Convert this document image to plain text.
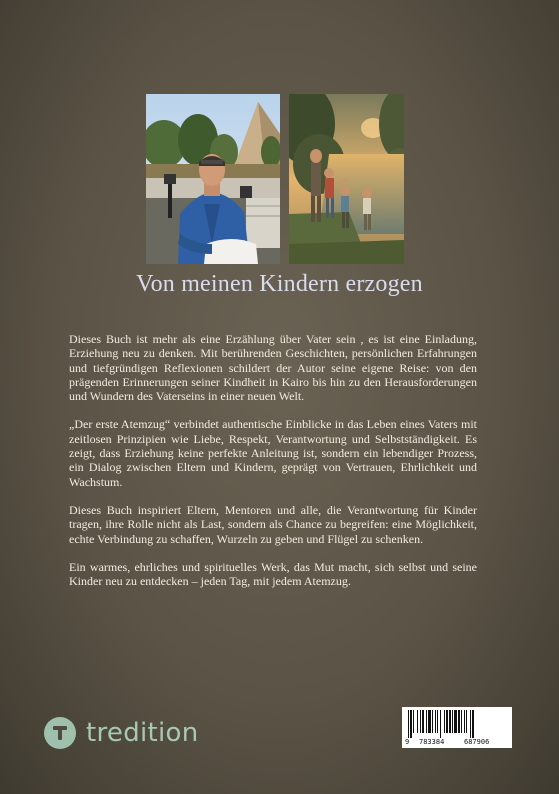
Von meinen Kindern erzogen

Dieses Buch ist mehr als eine Erzählung über Vater sein , es ist eine Einladung, Erziehung neu zu denken. Mit berührenden Geschichten, persönlichen Erfahrungen und tiefgründigen Reflexionen schildert der Autor seine eigene Reise: von den prägenden Erinnerungen seiner Kindheit in Kairo bis hin zu den Herausforderungen und Wundern des Vaterseins in einer neuen Welt.

„Der erste Atemzug“ verbindet authentische Einblicke in das Leben eines Vaters mit zeitlosen Prinzipien wie Liebe, Respekt, Verantwortung und Selbstständigkeit. Es zeigt, dass Erziehung keine perfekte Anleitung ist, sondern ein lebendiger Prozess, ein Dialog zwischen Eltern und Kindern, geprägt von Vertrauen, Ehrlichkeit und Wachstum.

Dieses Buch inspiriert Eltern, Mentoren und alle, die Verantwortung für Kinder tragen, ihre Rolle nicht als Last, sondern als Chance zu begreifen: eine Möglichkeit, echte Verbindung zu schaffen, Wurzeln zu geben und Flügel zu schenken.

Ein warmes, ehrliches und spirituelles Werk, das Mut macht, sich selbst und seine Kinder neu zu entdecken – jeden Tag, mit jedem Atemzug.

tredition	9 783384	687906
